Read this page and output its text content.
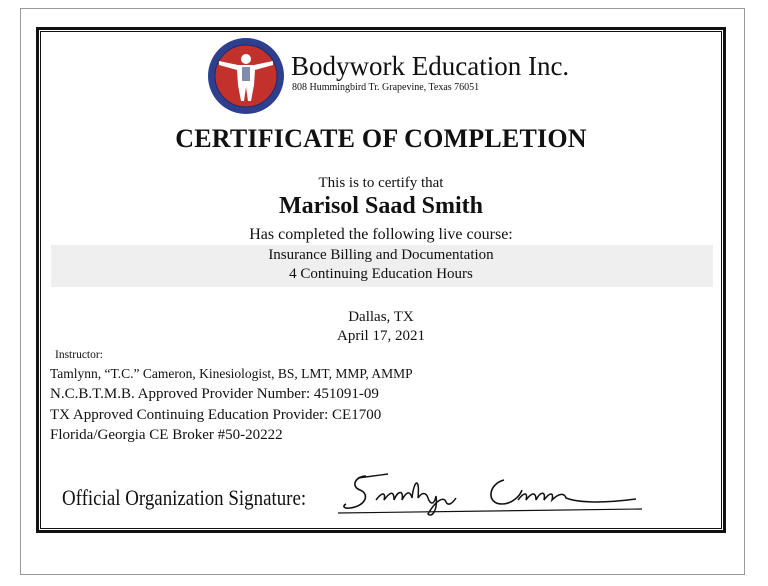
Bodywork Education Inc.
808 Hummingbird Tr. Grapevine, Texas 76051
CERTIFICATE OF COMPLETION
This is to certify that
Marisol Saad Smith
Has completed the following live course:
Insurance Billing and Documentation
4 Continuing Education Hours
Dallas, TX
April 17, 2021
Instructor:
Tamlynn, “T.C.” Cameron, Kinesiologist, BS, LMT, MMP, AMMP
N.C.B.T.M.B. Approved Provider Number: 451091-09
TX Approved Continuing Education Provider: CE1700
Florida/Georgia CE Broker #50-20222
Official Organization Signature:
